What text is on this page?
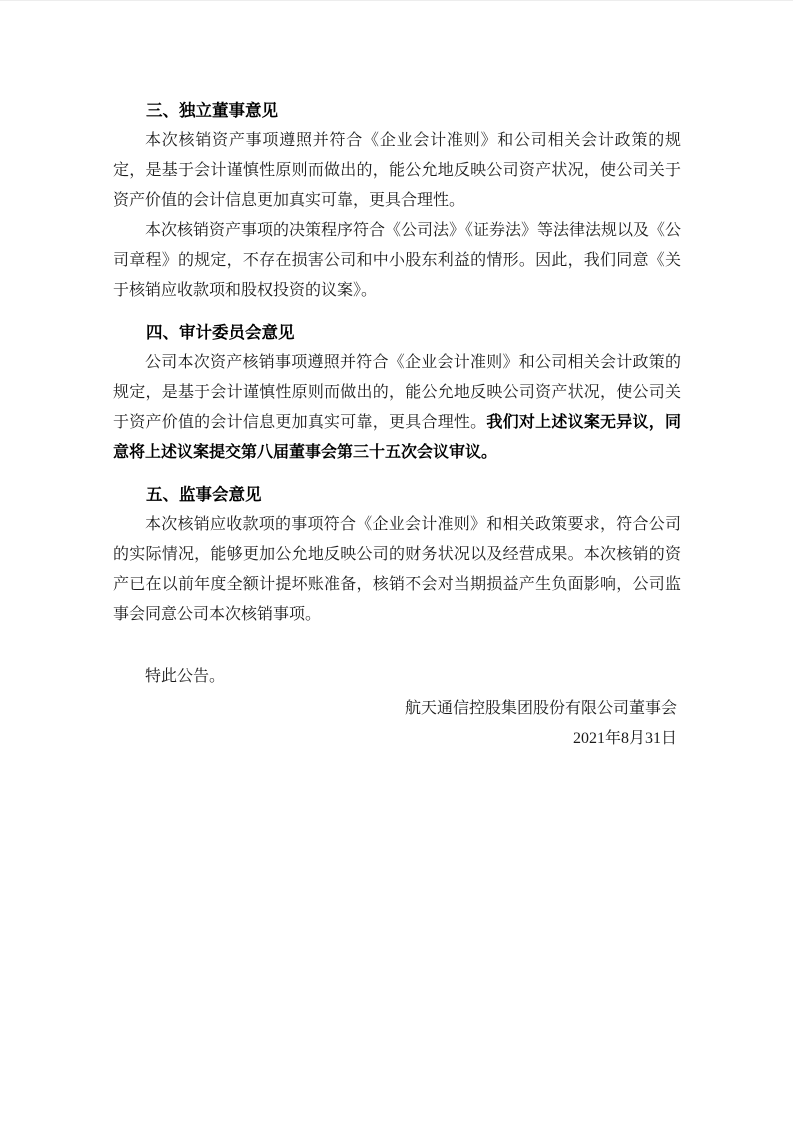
三、独立董事意见

本次核销资产事项遵照并符合《企业会计准则》和公司相关会计政策的规定，是基于会计谨慎性原则而做出的，能公允地反映公司资产状况，使公司关于资产价值的会计信息更加真实可靠，更具合理性。

本次核销资产事项的决策程序符合《公司法》《证券法》等法律法规以及《公司章程》的规定，不存在损害公司和中小股东利益的情形。因此，我们同意《关于核销应收款项和股权投资的议案》。

四、审计委员会意见

公司本次资产核销事项遵照并符合《企业会计准则》和公司相关会计政策的规定，是基于会计谨慎性原则而做出的，能公允地反映公司资产状况，使公司关于资产价值的会计信息更加真实可靠，更具合理性。我们对上述议案无异议，同意将上述议案提交第八届董事会第三十五次会议审议。

五、监事会意见

本次核销应收款项的事项符合《企业会计准则》和相关政策要求，符合公司的实际情况，能够更加公允地反映公司的财务状况以及经营成果。本次核销的资产已在以前年度全额计提坏账准备，核销不会对当期损益产生负面影响，公司监事会同意公司本次核销事项。

特此公告。

航天通信控股集团股份有限公司董事会

2021年8月31日
